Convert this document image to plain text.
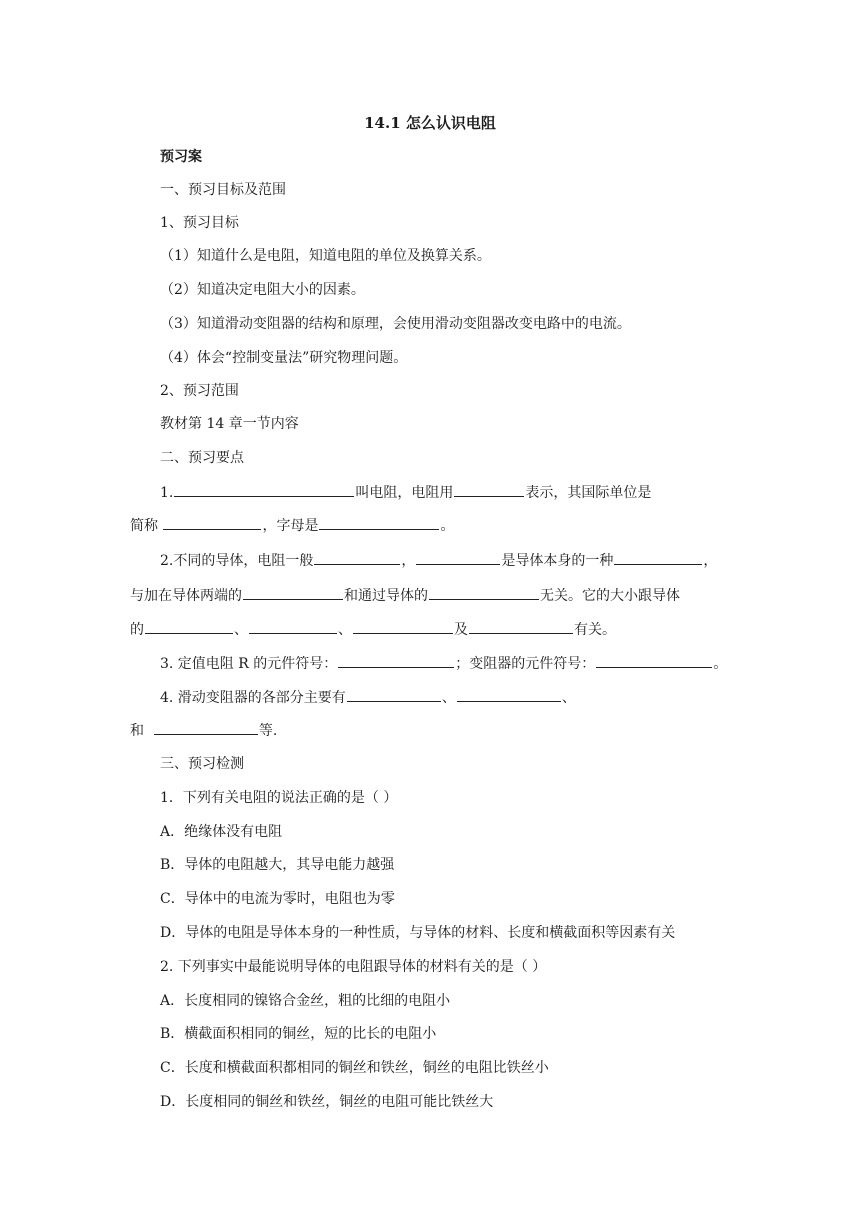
14.1 怎么认识电阻
预习案
一、预习目标及范围
1、预习目标
（1）知道什么是电阻，知道电阻的单位及换算关系。
（2）知道决定电阻大小的因素。
（3）知道滑动变阻器的结构和原理，会使用滑动变阻器改变电路中的电流。
（4）体会“控制变量法”研究物理问题。
2、预习范围
教材第 14 章一节内容
二、预习要点
1.	叫电阻，电阻用	表示，其国际单位是
简称	，字母是	。
2.不同的导体，电阻一般	，	是导体本身的一种	，
与加在导体两端的	和通过导体的	无关。它的大小跟导体
的	、	、	及	有关。
3. 定值电阻 R 的元件符号：	；变阻器的元件符号：	。
4. 滑动变阻器的各部分主要有	、	、
和	等.
三、预习检测
1．下列有关电阻的说法正确的是（ ）
A．绝缘体没有电阻
B．导体的电阻越大，其导电能力越强
C．导体中的电流为零时，电阻也为零
D．导体的电阻是导体本身的一种性质，与导体的材料、长度和横截面积等因素有关
2. 下列事实中最能说明导体的电阻跟导体的材料有关的是（ ）
A．长度相同的镍铬合金丝，粗的比细的电阻小
B．横截面积相同的铜丝，短的比长的电阻小
C．长度和横截面积都相同的铜丝和铁丝，铜丝的电阻比铁丝小
D．长度相同的铜丝和铁丝，铜丝的电阻可能比铁丝大
